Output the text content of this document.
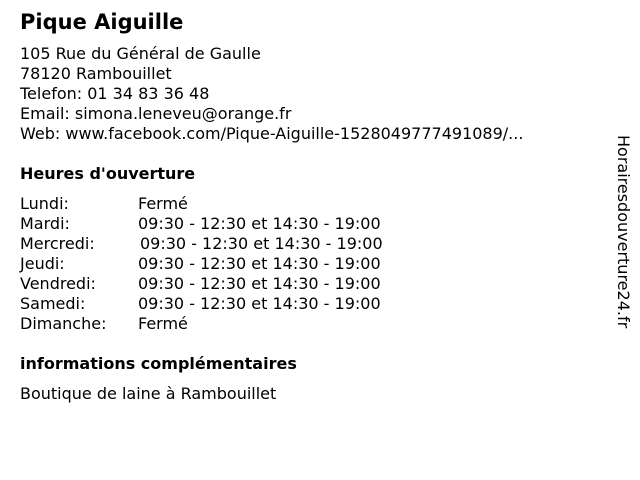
Pique Aiguille
105 Rue du Général de Gaulle
78120 Rambouillet
Telefon: 01 34 83 36 48
Email: simona.leneveu@orange.fr
Web: www.facebook.com/Pique-Aiguille-1528049777491089/...
Heures d'ouverture
Lundi:	Fermé
Mardi:	09:30 - 12:30 et 14:30 - 19:00
Mercredi:	09:30 - 12:30 et 14:30 - 19:00
Jeudi:	09:30 - 12:30 et 14:30 - 19:00
Vendredi:	09:30 - 12:30 et 14:30 - 19:00
Samedi:	09:30 - 12:30 et 14:30 - 19:00
Dimanche: Fermé
informations complémentaires
Boutique de laine à Rambouillet
Horairesdouverture24.fr
